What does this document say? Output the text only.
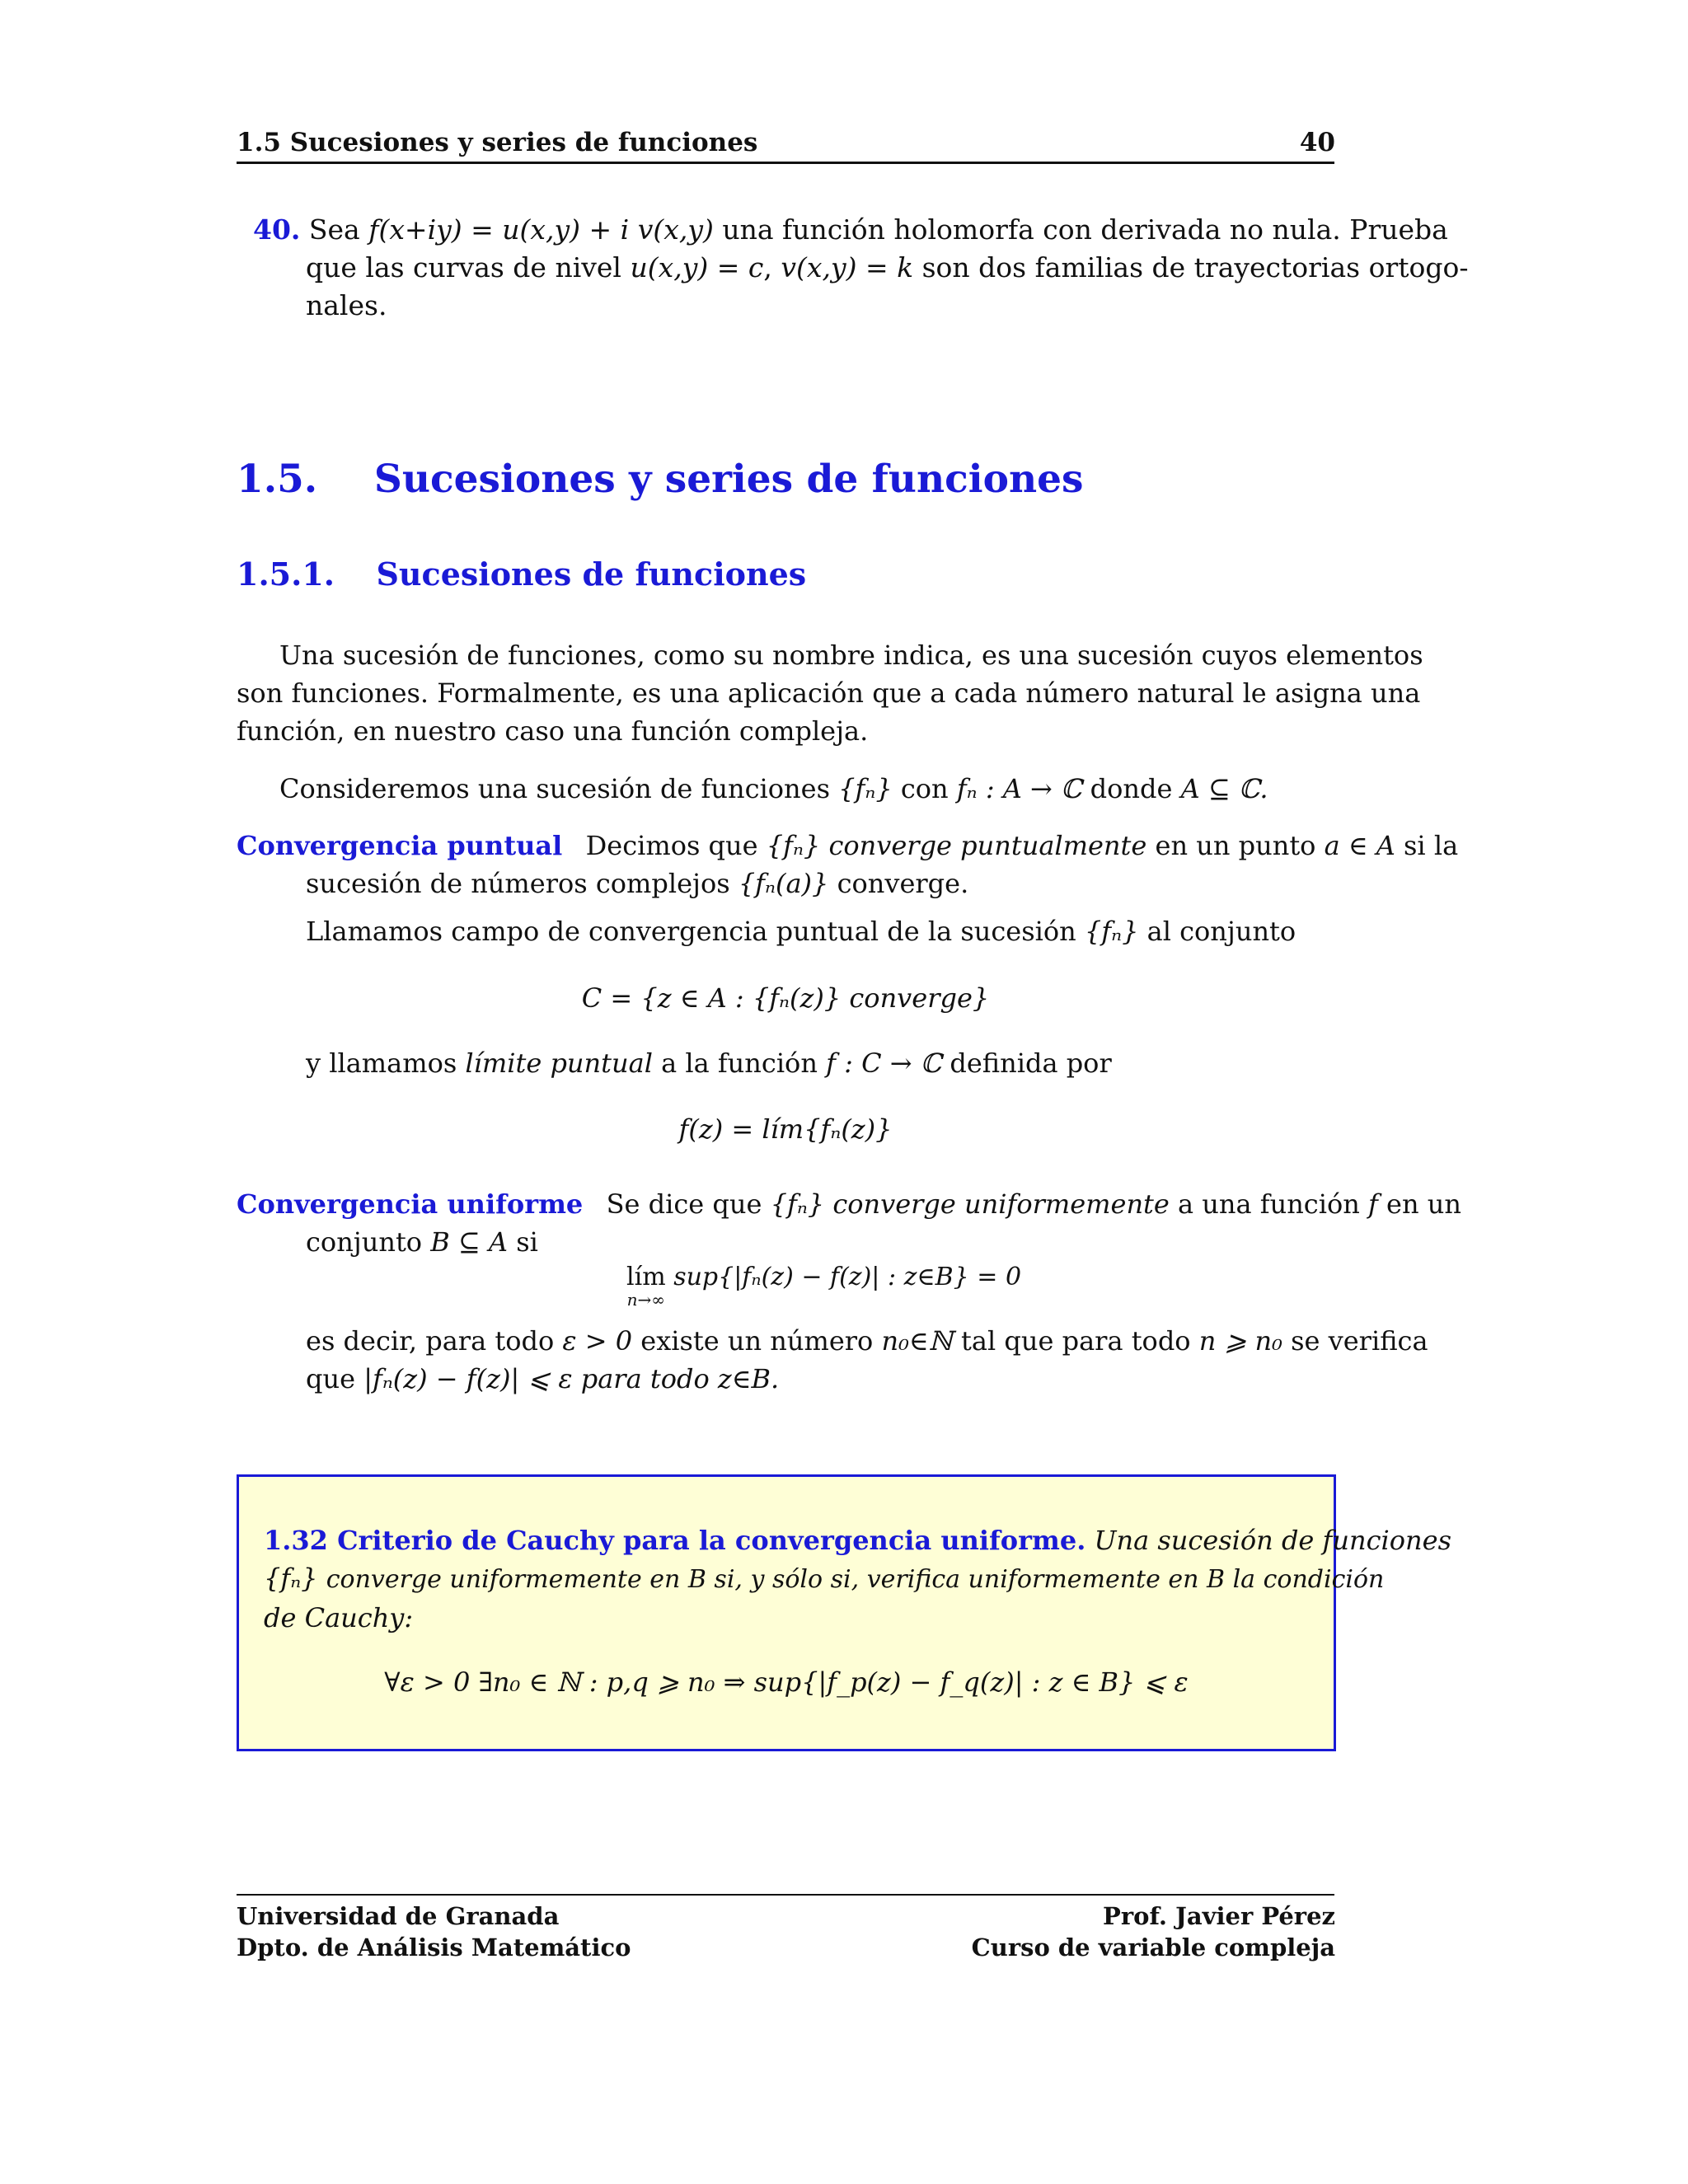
1.5 Sucesiones y series de funciones	40
40. Sea f(x+iy) = u(x,y) + i v(x,y) una función holomorfa con derivada no nula. Prueba
que las curvas de nivel u(x,y) = c, v(x,y) = k son dos familias de trayectorias ortogo-
nales.
1.5. Sucesiones y series de funciones
1.5.1. Sucesiones de funciones
Una sucesión de funciones, como su nombre indica, es una sucesión cuyos elementos
son funciones. Formalmente, es una aplicación que a cada número natural le asigna una
función, en nuestro caso una función compleja.
Consideremos una sucesión de funciones {fₙ} con fₙ : A → ℂ donde A ⊆ ℂ.
Convergencia puntual Decimos que {fₙ} converge puntualmente en un punto a ∈ A si la
sucesión de números complejos {fₙ(a)} converge.
Llamamos campo de convergencia puntual de la sucesión {fₙ} al conjunto
C = {z ∈ A : {fₙ(z)} converge}
y llamamos límite puntual a la función f : C → ℂ definida por
f(z) = lím{fₙ(z)}
Convergencia uniforme Se dice que {fₙ} converge uniformemente a una función f en un
conjunto B ⊆ A si
lím
n→∞
sup{|fₙ(z) − f(z)| : z∈B} = 0
es decir, para todo ε > 0 existe un número n₀∈ℕ tal que para todo n ⩾ n₀ se verifica
que |fₙ(z) − f(z)| ⩽ ε para todo z∈B.
1.32 Criterio de Cauchy para la convergencia uniforme. Una sucesión de funciones
{fₙ} converge uniformemente en B si, y sólo si, verifica uniformemente en B la condición
de Cauchy:
∀ε > 0 ∃n₀ ∈ ℕ : p,q ⩾ n₀ ⇒ sup{|f_p(z) − f_q(z)| : z ∈ B} ⩽ ε
Universidad de Granada
Dpto. de Análisis Matemático
Prof. Javier Pérez
Curso de variable compleja
